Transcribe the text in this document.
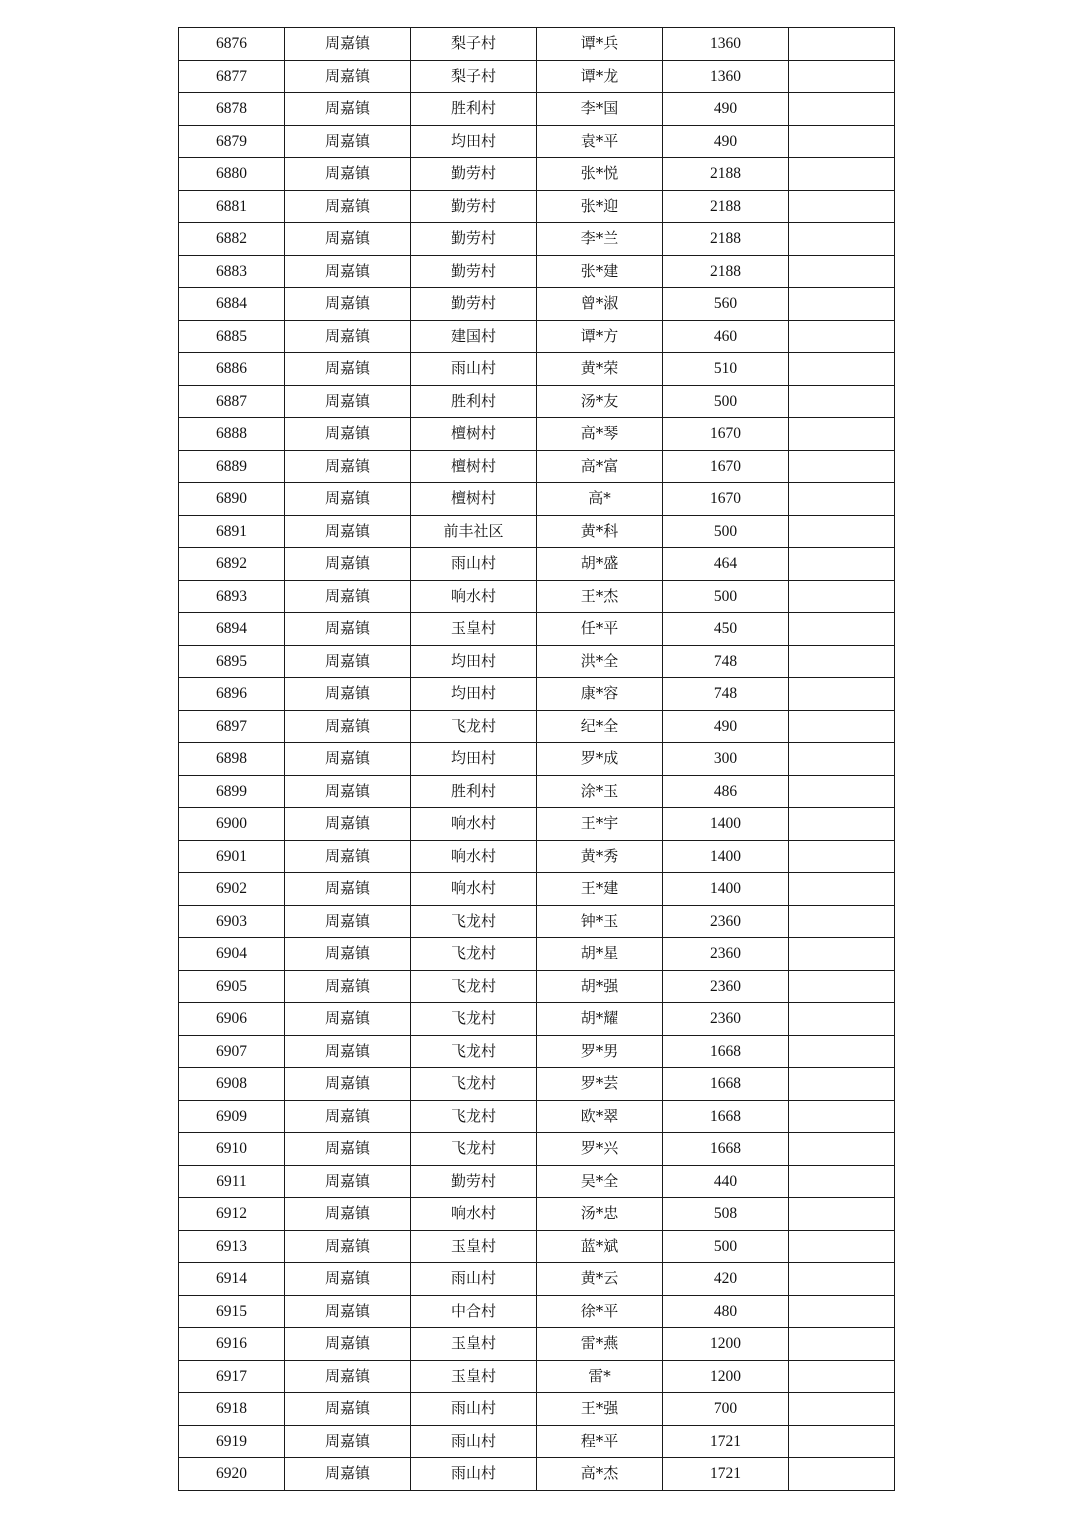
6876	周嘉镇	梨子村	谭*兵	1360	
6877	周嘉镇	梨子村	谭*龙	1360	
6878	周嘉镇	胜利村	李*国	490	
6879	周嘉镇	均田村	袁*平	490	
6880	周嘉镇	勤劳村	张*悦	2188	
6881	周嘉镇	勤劳村	张*迎	2188	
6882	周嘉镇	勤劳村	李*兰	2188	
6883	周嘉镇	勤劳村	张*建	2188	
6884	周嘉镇	勤劳村	曾*淑	560	
6885	周嘉镇	建国村	谭*方	460	
6886	周嘉镇	雨山村	黄*荣	510	
6887	周嘉镇	胜利村	汤*友	500	
6888	周嘉镇	檀树村	高*琴	1670	
6889	周嘉镇	檀树村	高*富	1670	
6890	周嘉镇	檀树村	高*	1670	
6891	周嘉镇	前丰社区	黄*科	500	
6892	周嘉镇	雨山村	胡*盛	464	
6893	周嘉镇	响水村	王*杰	500	
6894	周嘉镇	玉皇村	任*平	450	
6895	周嘉镇	均田村	洪*全	748	
6896	周嘉镇	均田村	康*容	748	
6897	周嘉镇	飞龙村	纪*全	490	
6898	周嘉镇	均田村	罗*成	300	
6899	周嘉镇	胜利村	涂*玉	486	
6900	周嘉镇	响水村	王*宇	1400	
6901	周嘉镇	响水村	黄*秀	1400	
6902	周嘉镇	响水村	王*建	1400	
6903	周嘉镇	飞龙村	钟*玉	2360	
6904	周嘉镇	飞龙村	胡*星	2360	
6905	周嘉镇	飞龙村	胡*强	2360	
6906	周嘉镇	飞龙村	胡*耀	2360	
6907	周嘉镇	飞龙村	罗*男	1668	
6908	周嘉镇	飞龙村	罗*芸	1668	
6909	周嘉镇	飞龙村	欧*翠	1668	
6910	周嘉镇	飞龙村	罗*兴	1668	
6911	周嘉镇	勤劳村	吴*全	440	
6912	周嘉镇	响水村	汤*忠	508	
6913	周嘉镇	玉皇村	蓝*斌	500	
6914	周嘉镇	雨山村	黄*云	420	
6915	周嘉镇	中合村	徐*平	480	
6916	周嘉镇	玉皇村	雷*燕	1200	
6917	周嘉镇	玉皇村	雷*	1200	
6918	周嘉镇	雨山村	王*强	700	
6919	周嘉镇	雨山村	程*平	1721	
6920	周嘉镇	雨山村	高*杰	1721	
